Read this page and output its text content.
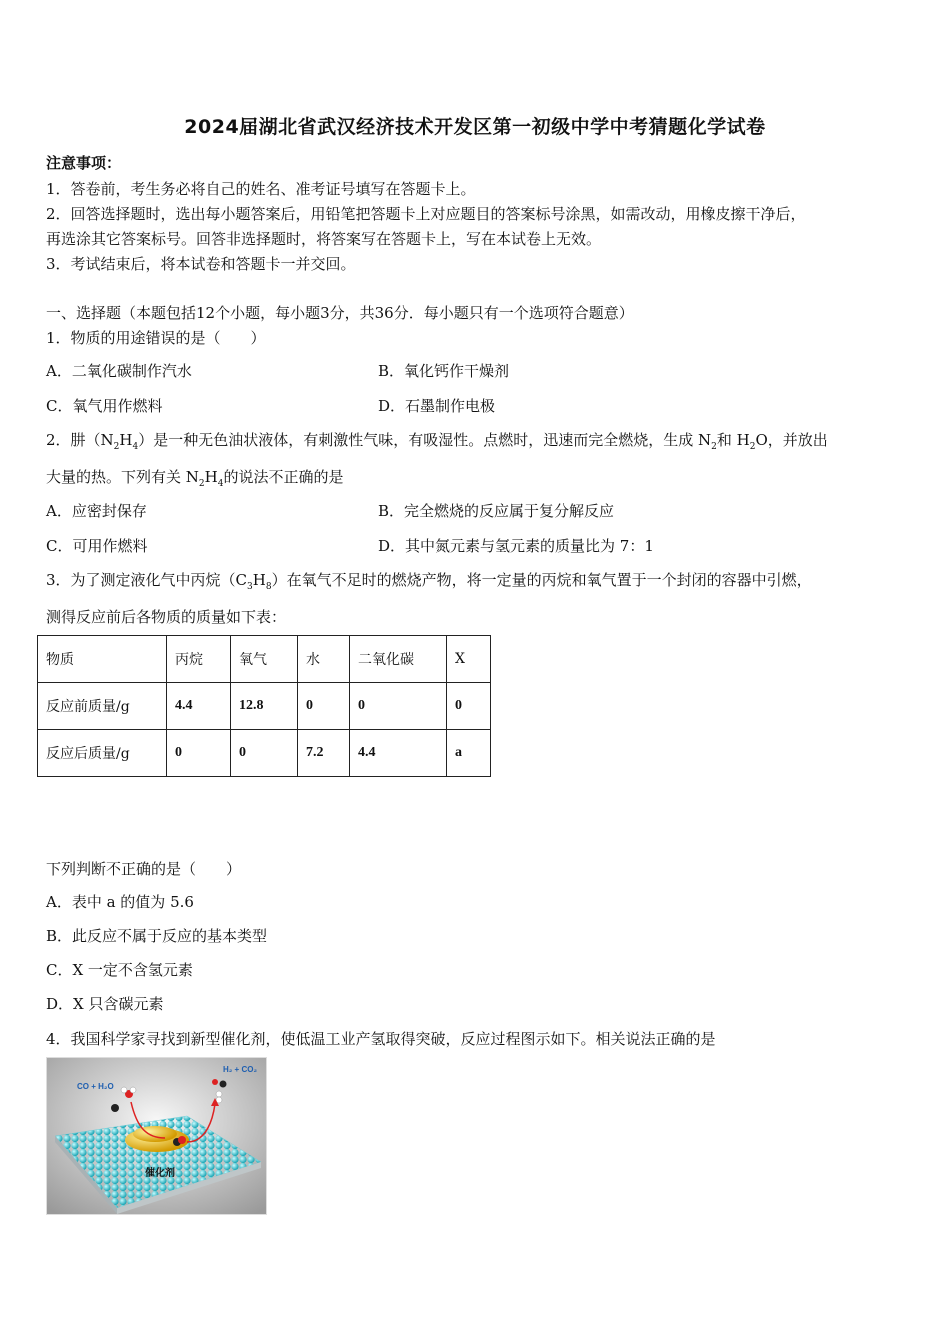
2024届湖北省武汉经济技术开发区第一初级中学中考猜题化学试卷
注意事项：
1．答卷前，考生务必将自己的姓名、准考证号填写在答题卡上。
2．回答选择题时，选出每小题答案后，用铅笔把答题卡上对应题目的答案标号涂黑，如需改动，用橡皮擦干净后，
再选涂其它答案标号。回答非选择题时，将答案写在答题卡上，写在本试卷上无效。
3．考试结束后，将本试卷和答题卡一并交回。
一、选择题（本题包括12个小题，每小题3分，共36分．每小题只有一个选项符合题意）
1．物质的用途错误的是（　　）
A．二氧化碳制作汽水	B．氧化钙作干燥剂
C．氧气用作燃料	D．石墨制作电极
2．肼$(N_2H_4)$是一种无色油状液体，有刺激性气味，有吸湿性。点燃时，迅速而完全燃烧，生成 $N_2$和 $H_2O$，并放出
大量的热。下列有关 $N_2H_4$的说法不正确的是
A．应密封保存	B．完全燃烧的反应属于复分解反应
C．可用作燃料	D．其中氮元素与氢元素的质量比为 7：1
3．为了测定液化气中丙烷$(C_3H_8)$在氧气不足时的燃烧产物，将一定量的丙烷和氧气置于一个封闭的容器中引燃，
测得反应前后各物质的质量如下表：
物质	丙烷	氧气	水	二氧化碳	X
反应前质量/g	4.4	12.8	0	0	0
反应后质量/g	0	0	7.2	4.4	a
下列判断不正确的是（　　）
A．表中 a 的值为 5.6
B．此反应不属于反应的基本类型
C．X 一定不含氢元素
D．X 只含碳元素
4．我国科学家寻找到新型催化剂，使低温工业产氢取得突破，反应过程图示如下。相关说法正确的是
CO + H₂O
H₂ + CO₂
催化剂
